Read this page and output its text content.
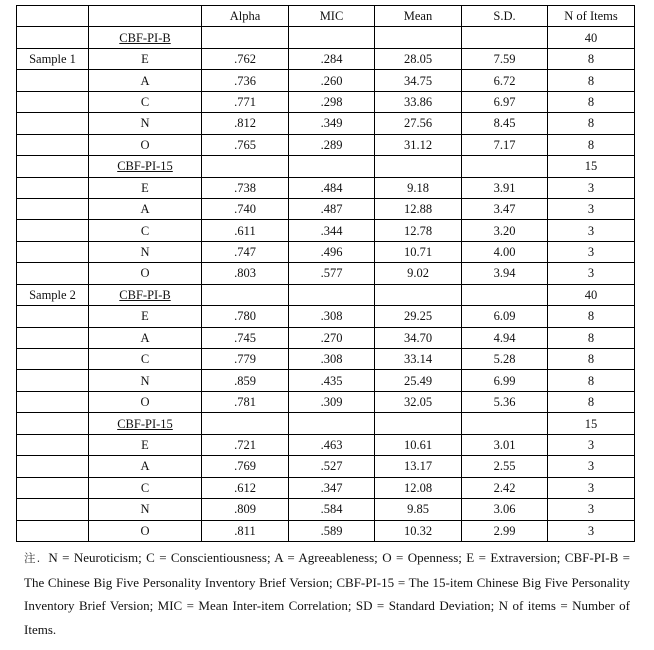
		Alpha	MIC	Mean	S.D.	N of Items
	CBF-PI-B					40
Sample 1	E	.762	.284	28.05	7.59	8
	A	.736	.260	34.75	6.72	8
	C	.771	.298	33.86	6.97	8
	N	.812	.349	27.56	8.45	8
	O	.765	.289	31.12	7.17	8
	CBF-PI-15					15
	E	.738	.484	9.18	3.91	3
	A	.740	.487	12.88	3.47	3
	C	.611	.344	12.78	3.20	3
	N	.747	.496	10.71	4.00	3
	O	.803	.577	9.02	3.94	3
Sample 2	CBF-PI-B					40
	E	.780	.308	29.25	6.09	8
	A	.745	.270	34.70	4.94	8
	C	.779	.308	33.14	5.28	8
	N	.859	.435	25.49	6.99	8
	O	.781	.309	32.05	5.36	8
	CBF-PI-15					15
	E	.721	.463	10.61	3.01	3
	A	.769	.527	13.17	2.55	3
	C	.612	.347	12.08	2.42	3
	N	.809	.584	9.85	3.06	3
	O	.811	.589	10.32	2.99	3
注. N = Neuroticism; C = Conscientiousness; A = Agreeableness; O = Openness; E = Extraversion; CBF-PI-B = The Chinese Big Five Personality Inventory Brief Version; CBF-PI-15 = The 15-item Chinese Big Five Personality Inventory Brief Version; MIC = Mean Inter-item Correlation; SD = Standard Deviation; N of items = Number of Items.
